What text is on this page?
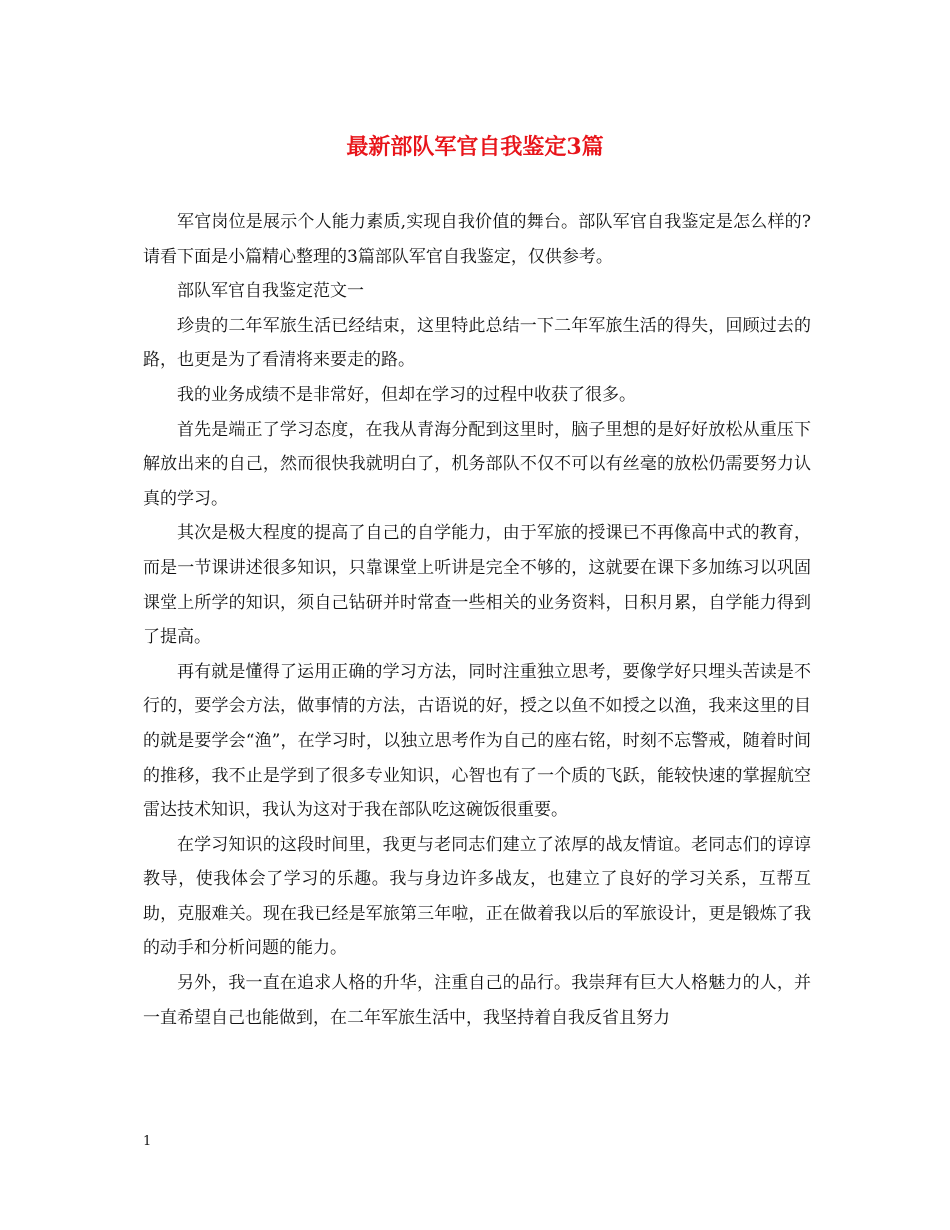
最新部队军官自我鉴定3篇

军官岗位是展示个人能力素质,实现自我价值的舞台。部队军官自我鉴定是怎么样的?请看下面是小篇精心整理的3篇部队军官自我鉴定，仅供参考。

部队军官自我鉴定范文一

珍贵的二年军旅生活已经结束，这里特此总结一下二年军旅生活的得失，回顾过去的路，也更是为了看清将来要走的路。

我的业务成绩不是非常好，但却在学习的过程中收获了很多。

首先是端正了学习态度，在我从青海分配到这里时，脑子里想的是好好放松从重压下解放出来的自己，然而很快我就明白了，机务部队不仅不可以有丝毫的放松仍需要努力认真的学习。

其次是极大程度的提高了自己的自学能力，由于军旅的授课已不再像高中式的教育，而是一节课讲述很多知识，只靠课堂上听讲是完全不够的，这就要在课下多加练习以巩固课堂上所学的知识，须自己钻研并时常查一些相关的业务资料，日积月累，自学能力得到了提高。

再有就是懂得了运用正确的学习方法，同时注重独立思考，要像学好只埋头苦读是不行的，要学会方法，做事情的方法，古语说的好，授之以鱼不如授之以渔，我来这里的目的就是要学会“渔”，在学习时，以独立思考作为自己的座右铭，时刻不忘警戒，随着时间的推移，我不止是学到了很多专业知识，心智也有了一个质的飞跃，能较快速的掌握航空雷达技术知识，我认为这对于我在部队吃这碗饭很重要。

在学习知识的这段时间里，我更与老同志们建立了浓厚的战友情谊。老同志们的谆谆教导，使我体会了学习的乐趣。我与身边许多战友，也建立了良好的学习关系，互帮互助，克服难关。现在我已经是军旅第三年啦，正在做着我以后的军旅设计，更是锻炼了我的动手和分析问题的能力。

另外，我一直在追求人格的升华，注重自己的品行。我崇拜有巨大人格魅力的人，并一直希望自己也能做到，在二年军旅生活中，我坚持着自我反省且努力

1
